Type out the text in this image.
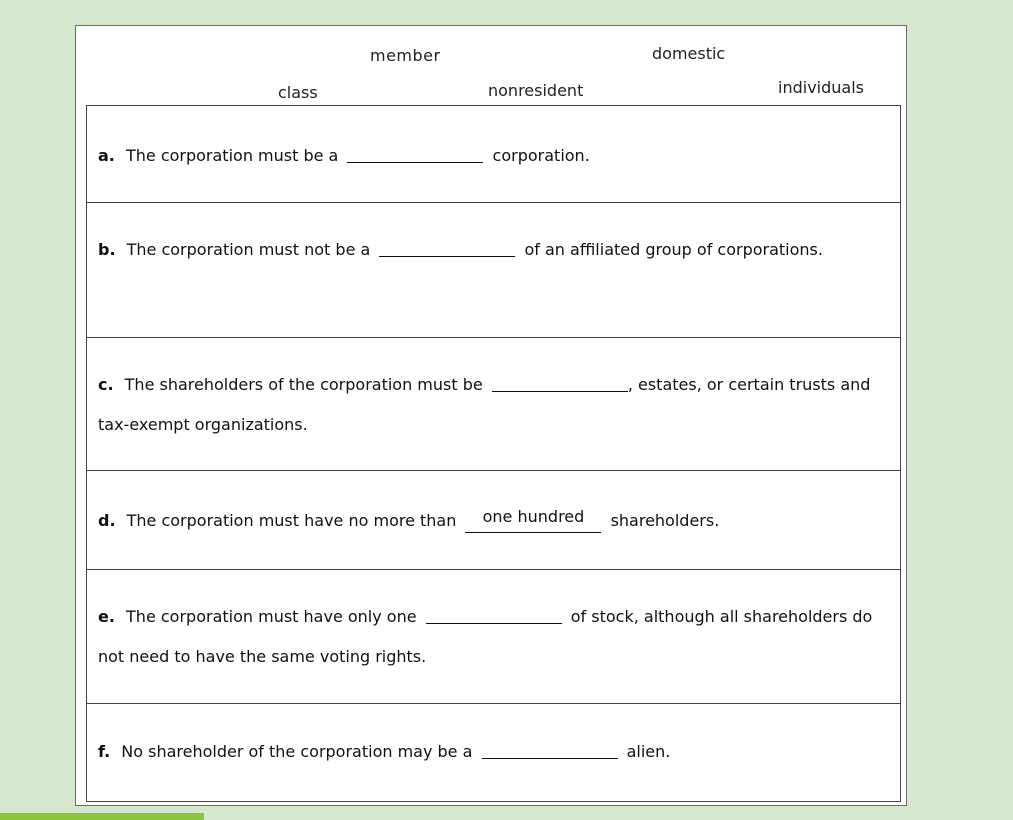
member	domestic
class	nonresident	individuals
a. The corporation must be a	corporation.
b. The corporation must not be a	of an affiliated group of corporations.
c. The shareholders of the corporation must be	, estates, or certain trusts and tax-exempt organizations.
d. The corporation must have no more than one hundred shareholders.
e. The corporation must have only one	of stock, although all shareholders do not need to have the same voting rights.
f. No shareholder of the corporation may be a	alien.
